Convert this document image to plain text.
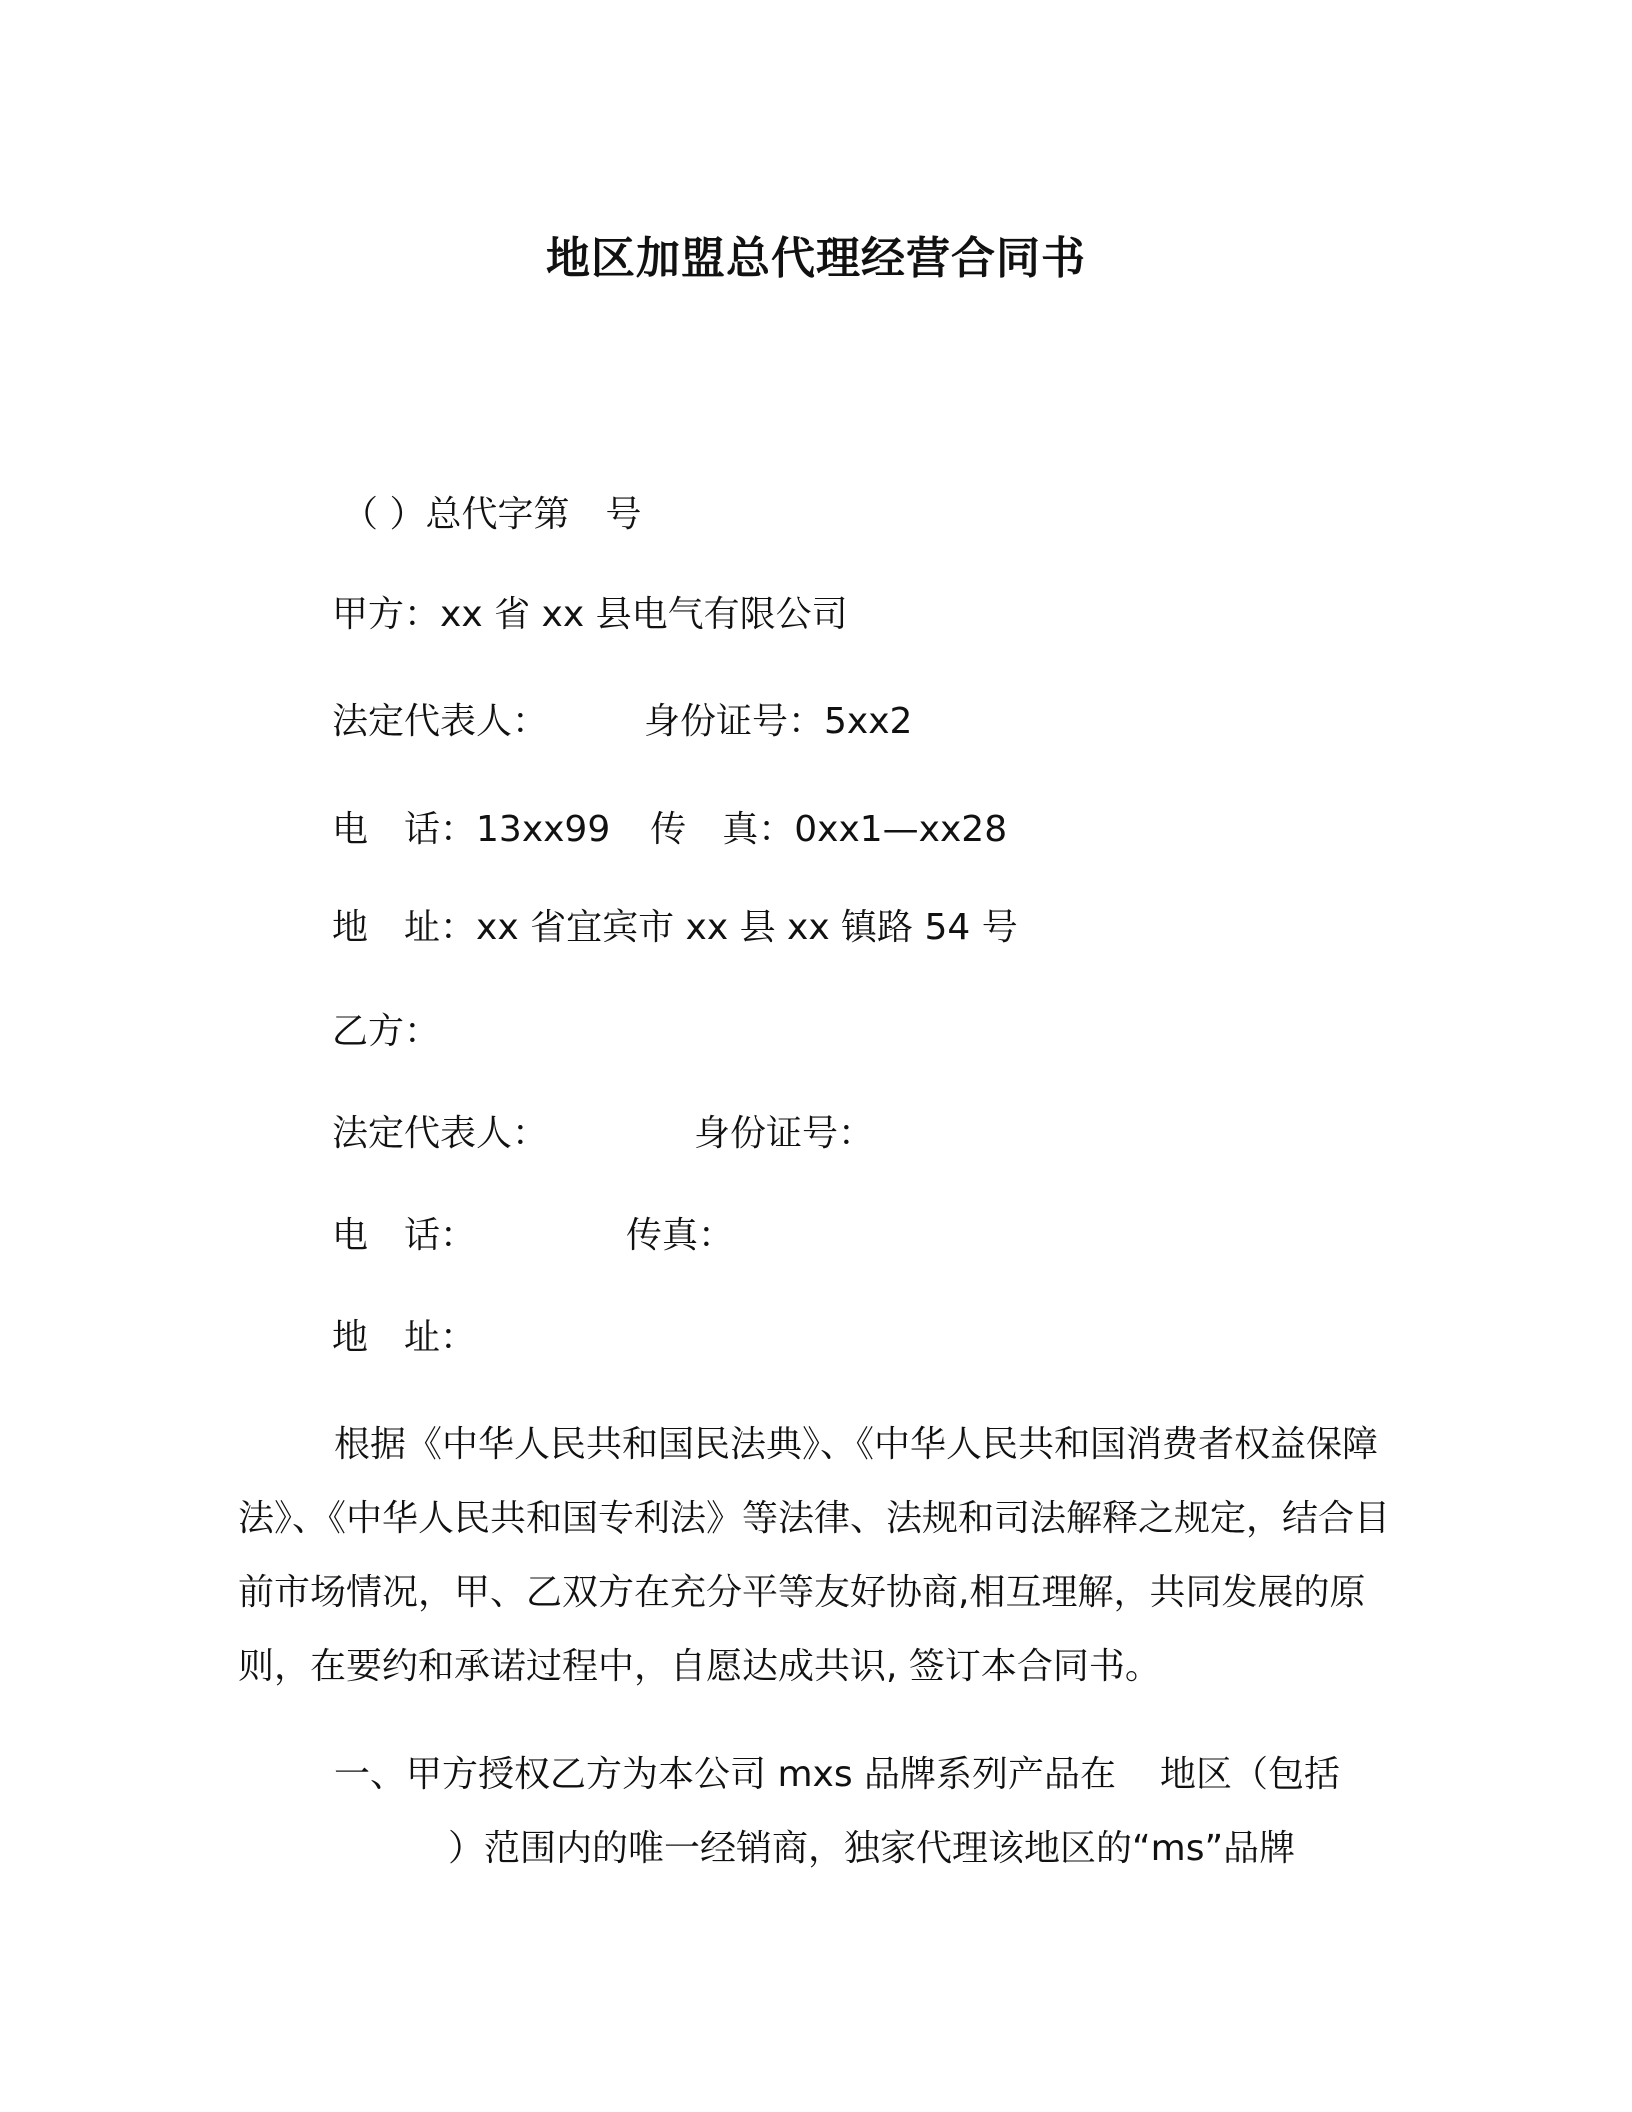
地区加盟总代理经营合同书
（ ）总代字第　号
甲方：xx 省 xx 县电气有限公司
法定代表人：	身份证号：5xx2
电　话：13xx99 传　真：0xx1—xx28
地　址：xx 省宜宾市 xx 县 xx 镇路 54 号
乙方：
法定代表人：	身份证号：
电　话：	传真：
地　址：
根据《中华人民共和国民法典》、《中华人民共和国消费者权益保障法》、《中华人民共和国专利法》等法律、法规和司法解释之规定，结合目前市场情况，甲、乙双方在充分平等友好协商,相互理解，共同发展的原则，在要约和承诺过程中，自愿达成共识, 签订本合同书。
一、甲方授权乙方为本公司 mxs 品牌系列产品在 地区（包括）范围内的唯一经销商，独家代理该地区的“ms”品牌
